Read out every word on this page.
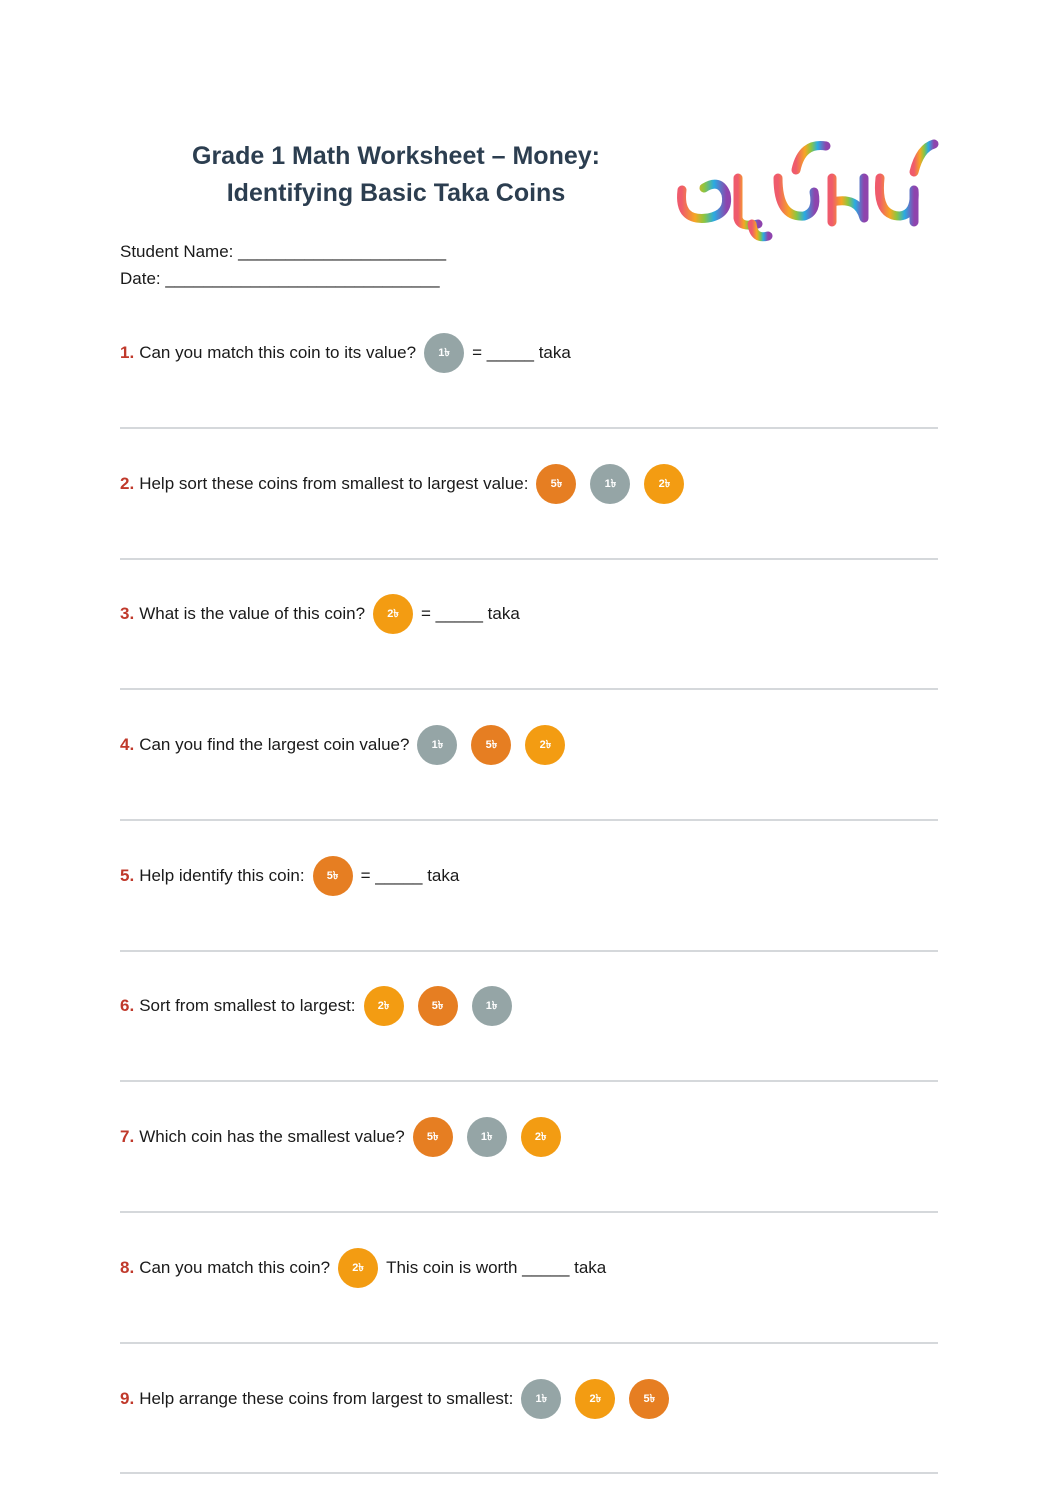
Grade 1 Math Worksheet – Money:
Identifying Basic Taka Coins
অনুশীলনী
Student Name: ______________________
Date: _____________________________
1. Can you match this coin to its value?	1৳	= _____ taka
2. Help sort these coins from smallest to largest value:	5৳	1৳	2৳
3. What is the value of this coin?	2৳	= _____ taka
4. Can you find the largest coin value?	1৳	5৳	2৳
5. Help identify this coin:	5৳	= _____ taka
6. Sort from smallest to largest:	2৳	5৳	1৳
7. Which coin has the smallest value?	5৳	1৳	2৳
8. Can you match this coin?	2৳	This coin is worth _____ taka
9. Help arrange these coins from largest to smallest:	1৳	2৳	5৳
